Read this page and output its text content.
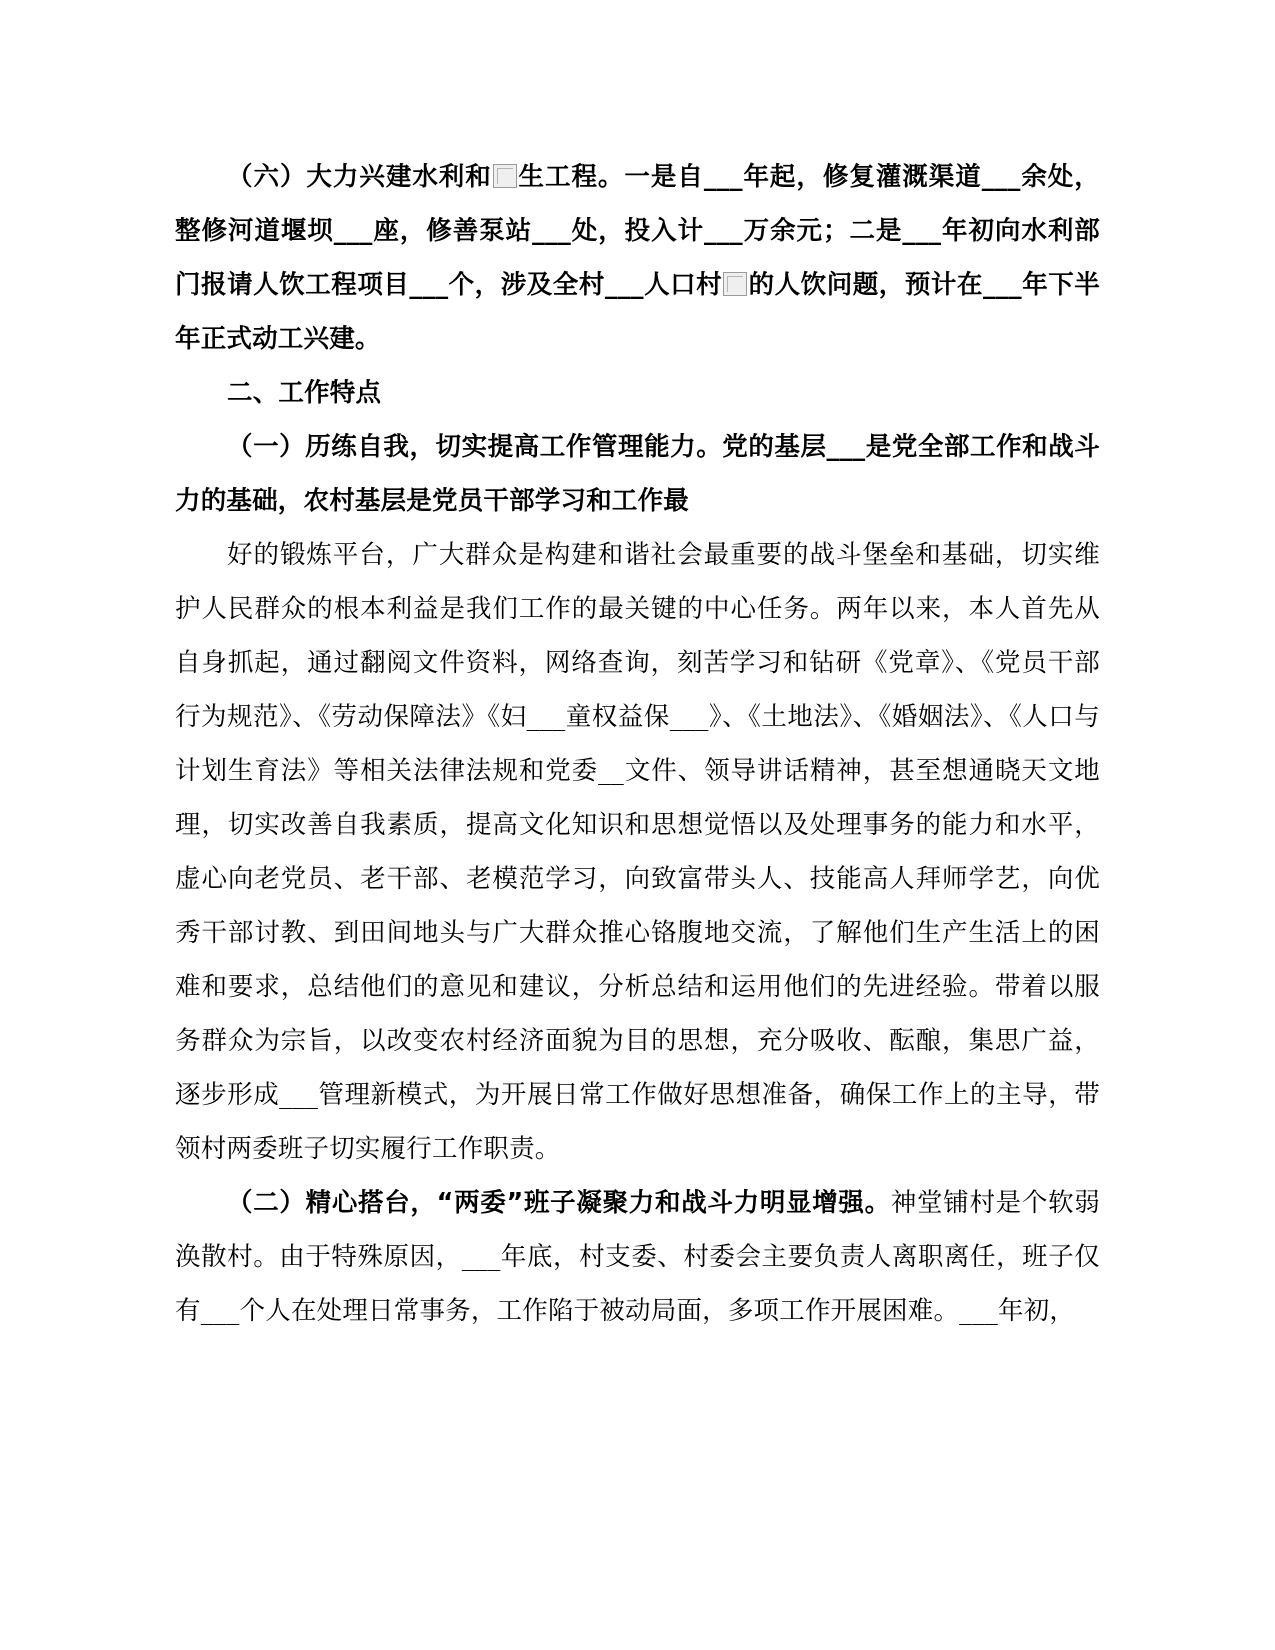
（六）大力兴建水利和 生工程。一是自___年起，修复灌溉渠道___余处，整修河道堰坝___座，修善泵站___处，投入计___万余元；二是___年初向水利部门报请人饮工程项目___个，涉及全村___人口村 的人饮问题，预计在___年下半年正式动工兴建。

二、工作特点

（一）历练自我，切实提高工作管理能力。党的基层___是党全部工作和战斗力的基础，农村基层是党员干部学习和工作最

好的锻炼平台，广大群众是构建和谐社会最重要的战斗堡垒和基础，切实维护人民群众的根本利益是我们工作的最关键的中心任务。两年以来，本人首先从自身抓起，通过翻阅文件资料，网络查询，刻苦学习和钻研《党章》、《党员干部行为规范》、《劳动保障法》《妇___童权益保___》、《土地法》、《婚姻法》、《人口与计划生育法》等相关法律法规和党委__文件、领导讲话精神，甚至想通晓天文地理，切实改善自我素质，提高文化知识和思想觉悟以及处理事务的能力和水平，虚心向老党员、老干部、老模范学习，向致富带头人、技能高人拜师学艺，向优秀干部讨教、到田间地头与广大群众推心铬腹地交流，了解他们生产生活上的困难和要求，总结他们的意见和建议，分析总结和运用他们的先进经验。带着以服务群众为宗旨，以改变农村经济面貌为目的思想，充分吸收、酝酿，集思广益，逐步形成___管理新模式，为开展日常工作做好思想准备，确保工作上的主导，带领村两委班子切实履行工作职责。

（二）精心搭台，“两委”班子凝聚力和战斗力明显增强。神堂铺村是个软弱涣散村。由于特殊原因，___年底，村支委、村委会主要负责人离职离任，班子仅有___个人在处理日常事务，工作陷于被动局面，多项工作开展困难。___年初，
